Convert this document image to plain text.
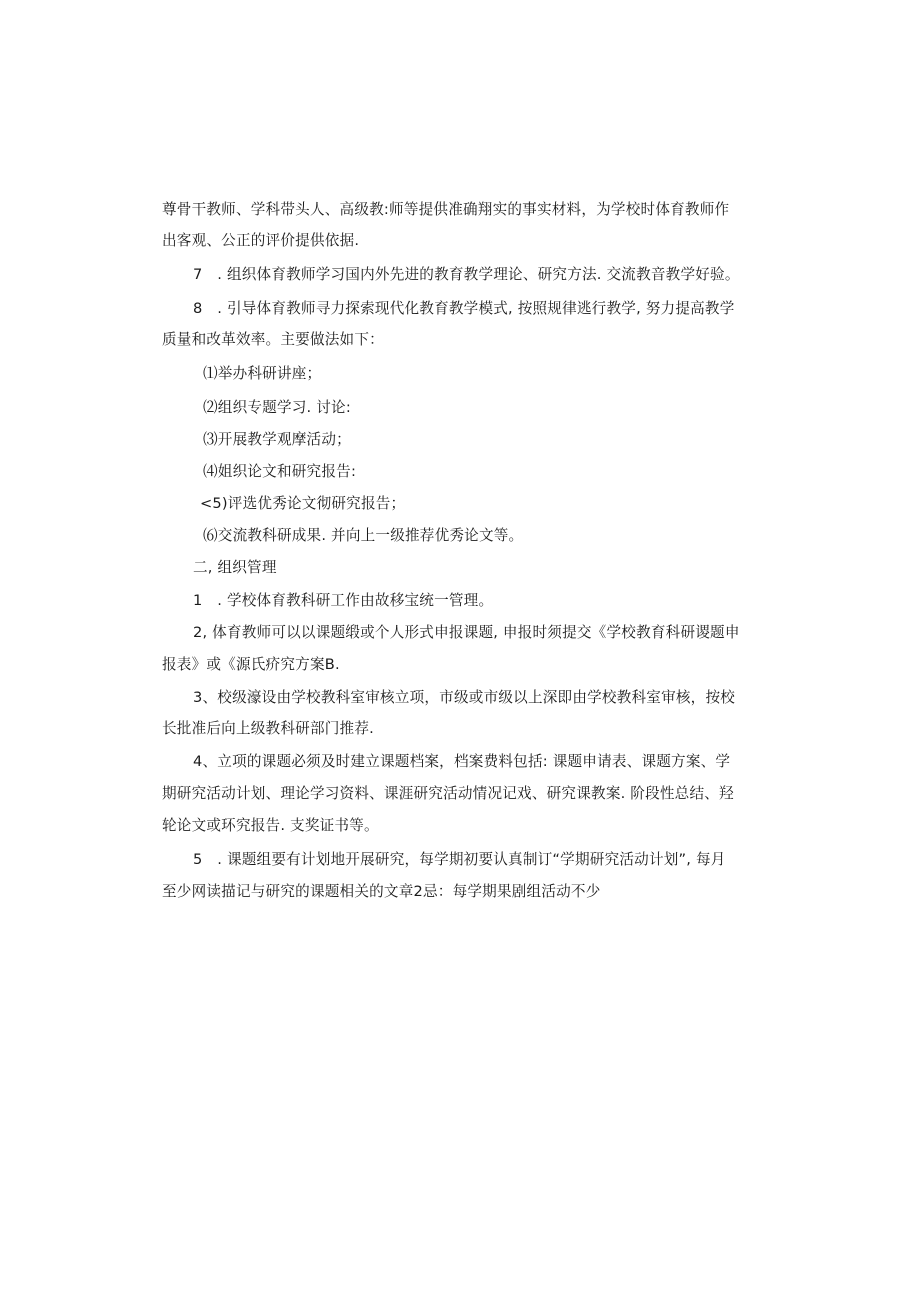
尊骨干教师、学科带头人、高级教:师等提供准确翔实的事实材料，为学校时体育教师作
出客观、公正的评价提供依据.
7　. 组织体育教师学习国内外先进的教育教学理论、研究方法. 交流教音教学好验。
8　. 引导体育教师寻力探索现代化教育教学模式, 按照规律逃行教学, 努力提高教学
质量和改革效率。主要做法如下：
⑴举办科研讲座；
⑵组织专题学习. 讨论:
⑶开展教学观摩活动；
⑷姐织论文和研究报告:
<5)评选优秀论文彻研究报告；
⑹交流教科研成果. 并向上一级推荐优秀论文等。
二, 组织管理
1　. 学校体育教科研工作由故移宝统一管理。
2, 体育教师可以以课题缎或个人形式申报课题, 申报时须提交《学校教育科研谡题申
报表》或《源氏疥究方案B.
3、校级濠设由学校教科室审核立项，市级或市级以上深即由学校教科室审核，按校
长批准后向上级教科研部门推荐.
4、立项的课题必须及时建立课题档案，档案费料包括: 课题申请表、课题方案、学
期研究活动计划、理论学习资料、课涯研究活动情况记戏、研究课教案. 阶段性总结、羟
轮论文或环究报告. 支奖证书等。
5　. 课题组要有计划地开展研究，每学期初要认真制订“学期研究活动计划”, 每月
至少网读描记与研究的课题相关的文章2忌：每学期果剧组活动不少
